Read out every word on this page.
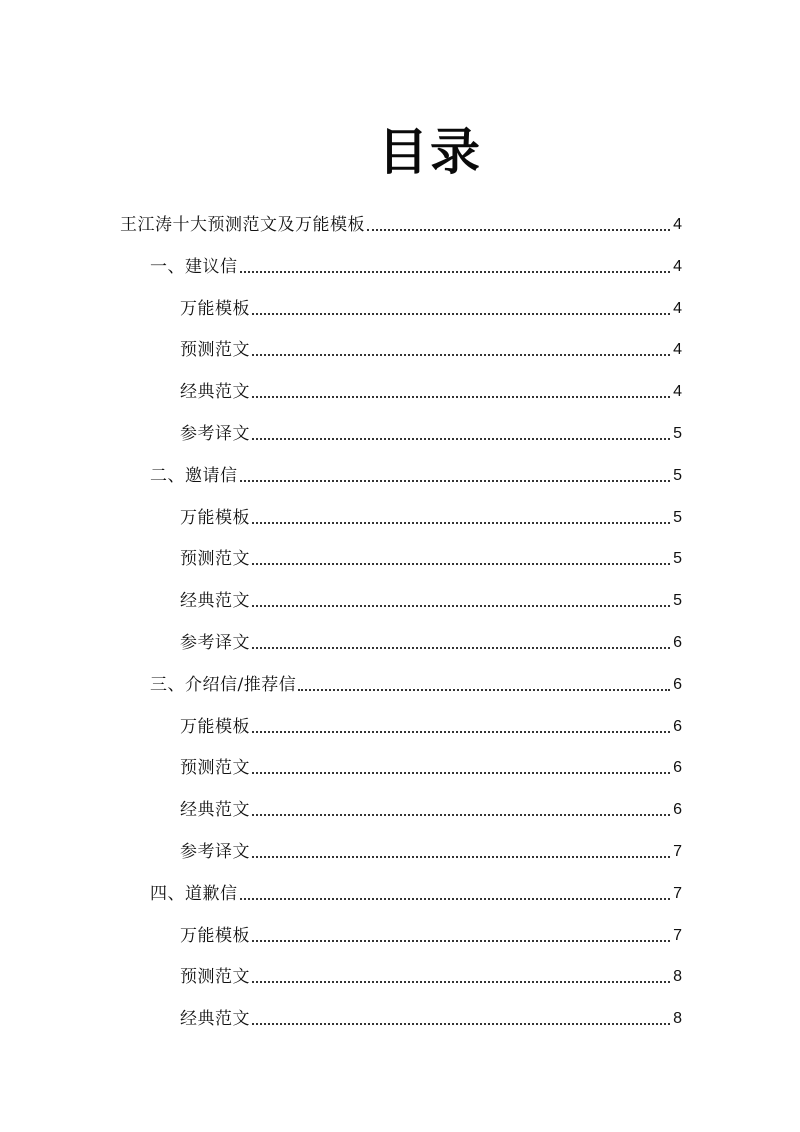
目录
王江涛十大预测范文及万能模板	4
一、建议信	4
万能模板	4
预测范文	4
经典范文	4
参考译文	5
二、邀请信	5
万能模板	5
预测范文	5
经典范文	5
参考译文	6
三、介绍信/推荐信	6
万能模板	6
预测范文	6
经典范文	6
参考译文	7
四、道歉信	7
万能模板	7
预测范文	8
经典范文	8
